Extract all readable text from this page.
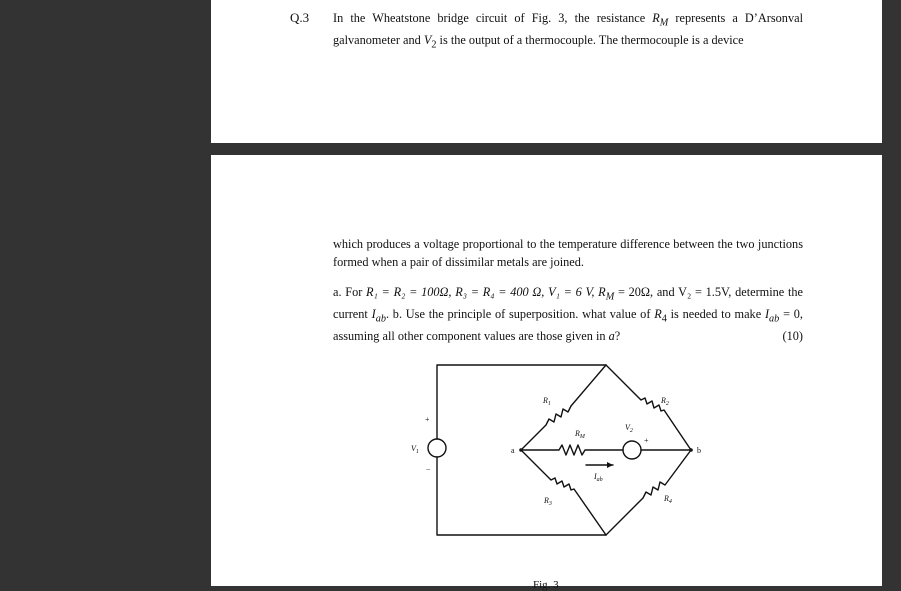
Q.3 In the Wheatstone bridge circuit of Fig. 3, the resistance $R_M$ represents a D’Arsonval galvanometer and $V_2$ is the output of a thermocouple. The thermocouple is a device

which produces a voltage proportional to the temperature difference between the two junctions formed when a pair of dissimilar metals are joined.

a. For R₁ = R₂ = 100Ω, R₃ = R₄ = 400 Ω, V₁ = 6 V, $R_M = 20\Omega$, and V₂ = 1.5V, determine the current $I_{ab}$. b. Use the principle of superposition. what value of $R_4$ is needed to make $I_{ab} = 0$, assuming all other component values are those given in a?	(10)

+
−
$V_1$	a	b
$R_1$	$R_2$
$R_3$
$R_4$
$R_M$
$V_2$
−
+
$I_{ab}$
Fig. 3
